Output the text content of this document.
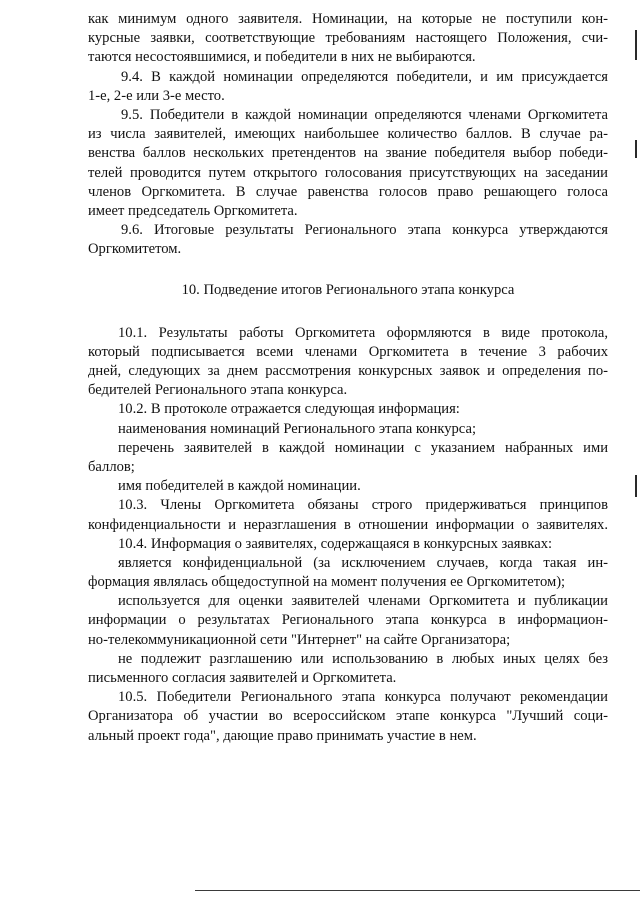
как минимум одного заявителя. Номинации, на которые не поступили кон-
курсные заявки, соответствующие требованиям настоящего Положения, счи-
таются несостоявшимися, и победители в них не выбираются.
9.4. В каждой номинации определяются победители, и им присуждается
1-е, 2-е или 3-е место.
9.5. Победители в каждой номинации определяются членами Оргкомитета
из числа заявителей, имеющих наибольшее количество баллов. В случае ра-
венства баллов нескольких претендентов на звание победителя выбор победи-
телей проводится путем открытого голосования присутствующих на заседании
членов Оргкомитета. В случае равенства голосов право решающего голоса
имеет председатель Оргкомитета.
9.6. Итоговые результаты Регионального этапа конкурса утверждаются
Оргкомитетом.
10. Подведение итогов Регионального этапа конкурса
10.1. Результаты работы Оргкомитета оформляются в виде протокола,
который подписывается всеми членами Оргкомитета в течение 3 рабочих
дней, следующих за днем рассмотрения конкурсных заявок и определения по-
бедителей Регионального этапа конкурса.
10.2. В протоколе отражается следующая информация:
наименования номинаций Регионального этапа конкурса;
перечень заявителей в каждой номинации с указанием набранных ими
баллов;
имя победителей в каждой номинации.
10.3. Члены Оргкомитета обязаны строго придерживаться принципов
конфиденциальности и неразглашения в отношении информации о заявителях.
10.4. Информация о заявителях, содержащаяся в конкурсных заявках:
является конфиденциальной (за исключением случаев, когда такая ин-
формация являлась общедоступной на момент получения ее Оргкомитетом);
используется для оценки заявителей членами Оргкомитета и публикации
информации о результатах Регионального этапа конкурса в информацион-
но-телекоммуникационной сети "Интернет" на сайте Организатора;
не подлежит разглашению или использованию в любых иных целях без
письменного согласия заявителей и Оргкомитета.
10.5. Победители Регионального этапа конкурса получают рекомендации
Организатора об участии во всероссийском этапе конкурса "Лучший соци-
альный проект года", дающие право принимать участие в нем.
